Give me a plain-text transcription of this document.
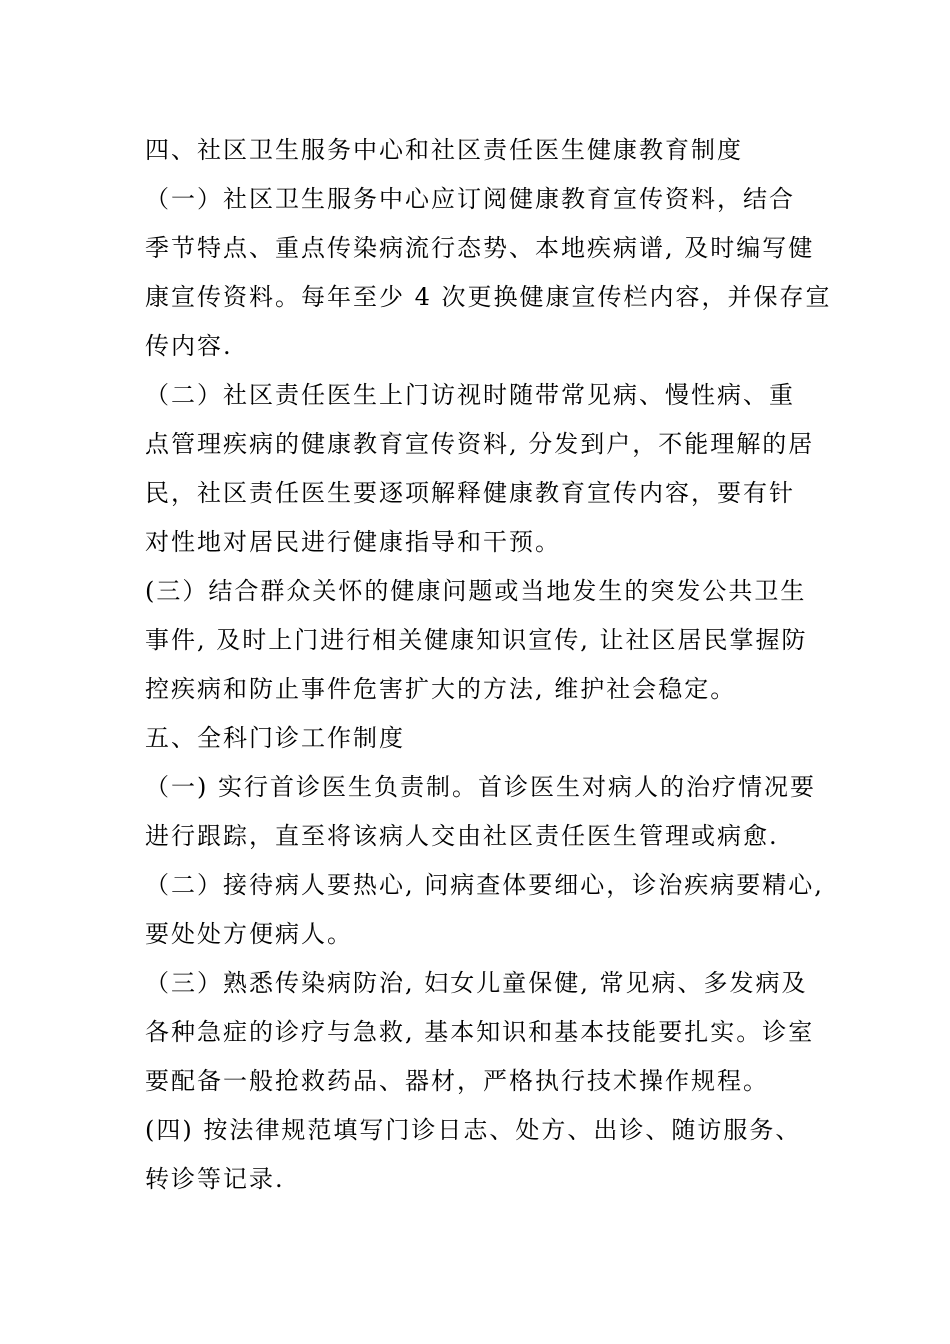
四、社区卫生服务中心和社区责任医生健康教育制度
（一）社区卫生服务中心应订阅健康教育宣传资料，结合
季节特点、重点传染病流行态势、本地疾病谱, 及时编写健
康宣传资料。每年至少 4 次更换健康宣传栏内容，并保存宣
传内容.
（二）社区责任医生上门访视时随带常见病、慢性病、重
点管理疾病的健康教育宣传资料, 分发到户，不能理解的居
民，社区责任医生要逐项解释健康教育宣传内容，要有针
对性地对居民进行健康指导和干预。
(三）结合群众关怀的健康问题或当地发生的突发公共卫生
事件, 及时上门进行相关健康知识宣传, 让社区居民掌握防
控疾病和防止事件危害扩大的方法, 维护社会稳定。
五、全科门诊工作制度
（一) 实行首诊医生负责制。首诊医生对病人的治疗情况要
进行跟踪，直至将该病人交由社区责任医生管理或病愈.
（二）接待病人要热心, 问病查体要细心，诊治疾病要精心,
要处处方便病人。
（三）熟悉传染病防治, 妇女儿童保健, 常见病、多发病及
各种急症的诊疗与急救, 基本知识和基本技能要扎实。诊室
要配备一般抢救药品、器材，严格执行技术操作规程。
(四) 按法律规范填写门诊日志、处方、出诊、随访服务、
转诊等记录.
